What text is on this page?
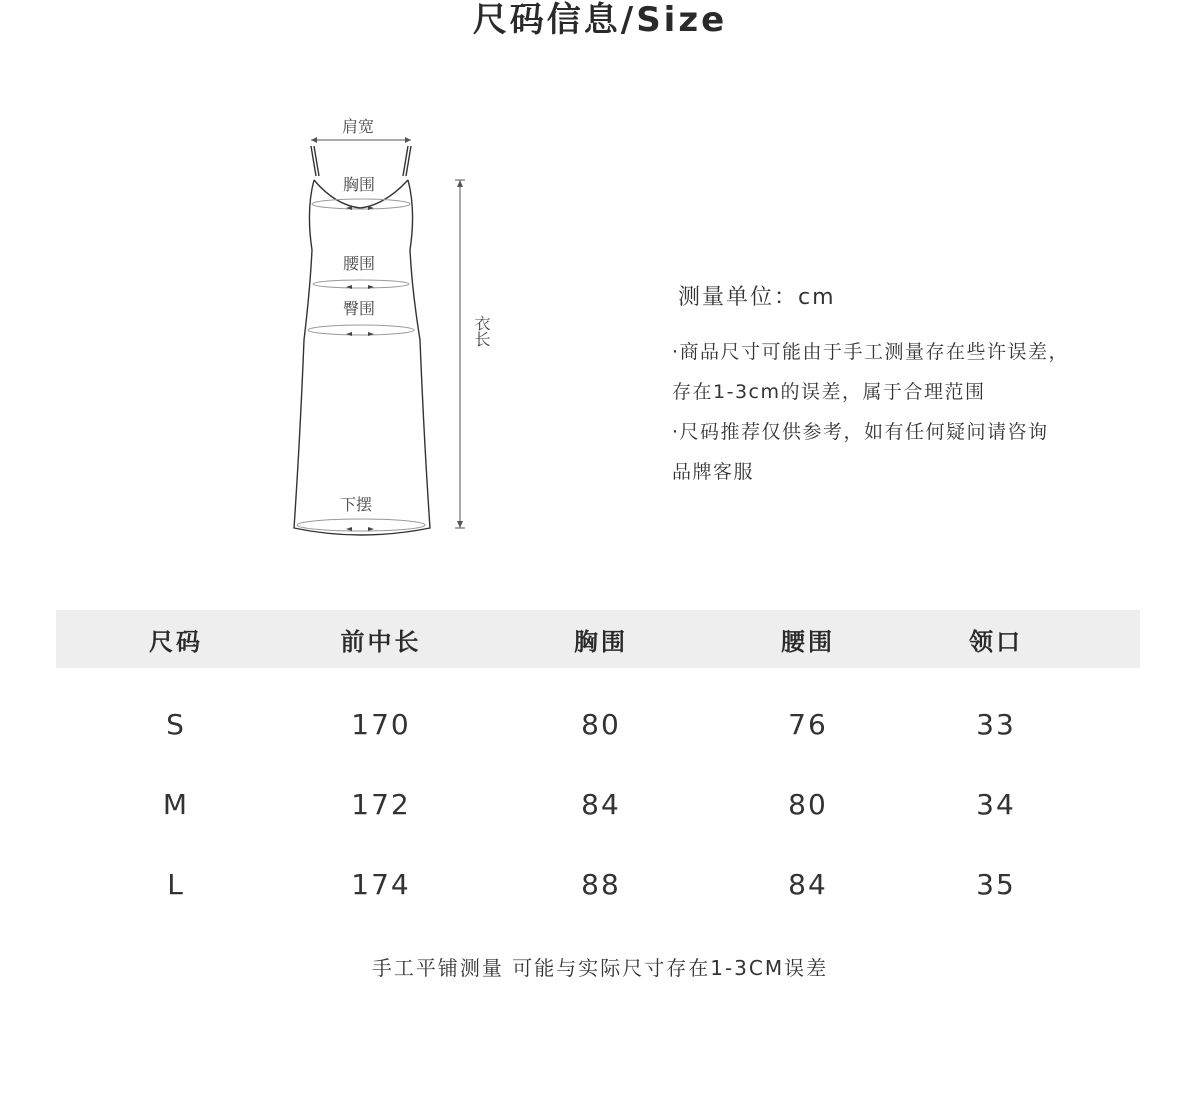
尺码信息/Size
肩宽
胸围
腰围
臀围
下摆
衣长
测量单位：cm
·商品尺寸可能由于手工测量存在些许误差，
存在1-3cm的误差，属于合理范围
·尺码推荐仅供参考，如有任何疑问请咨询
品牌客服
尺码	前中长	胸围	腰围	领口
S	170	80	76	33
M	172	84	80	34
L	174	88	84	35
手工平铺测量 可能与实际尺寸存在1-3CM误差
